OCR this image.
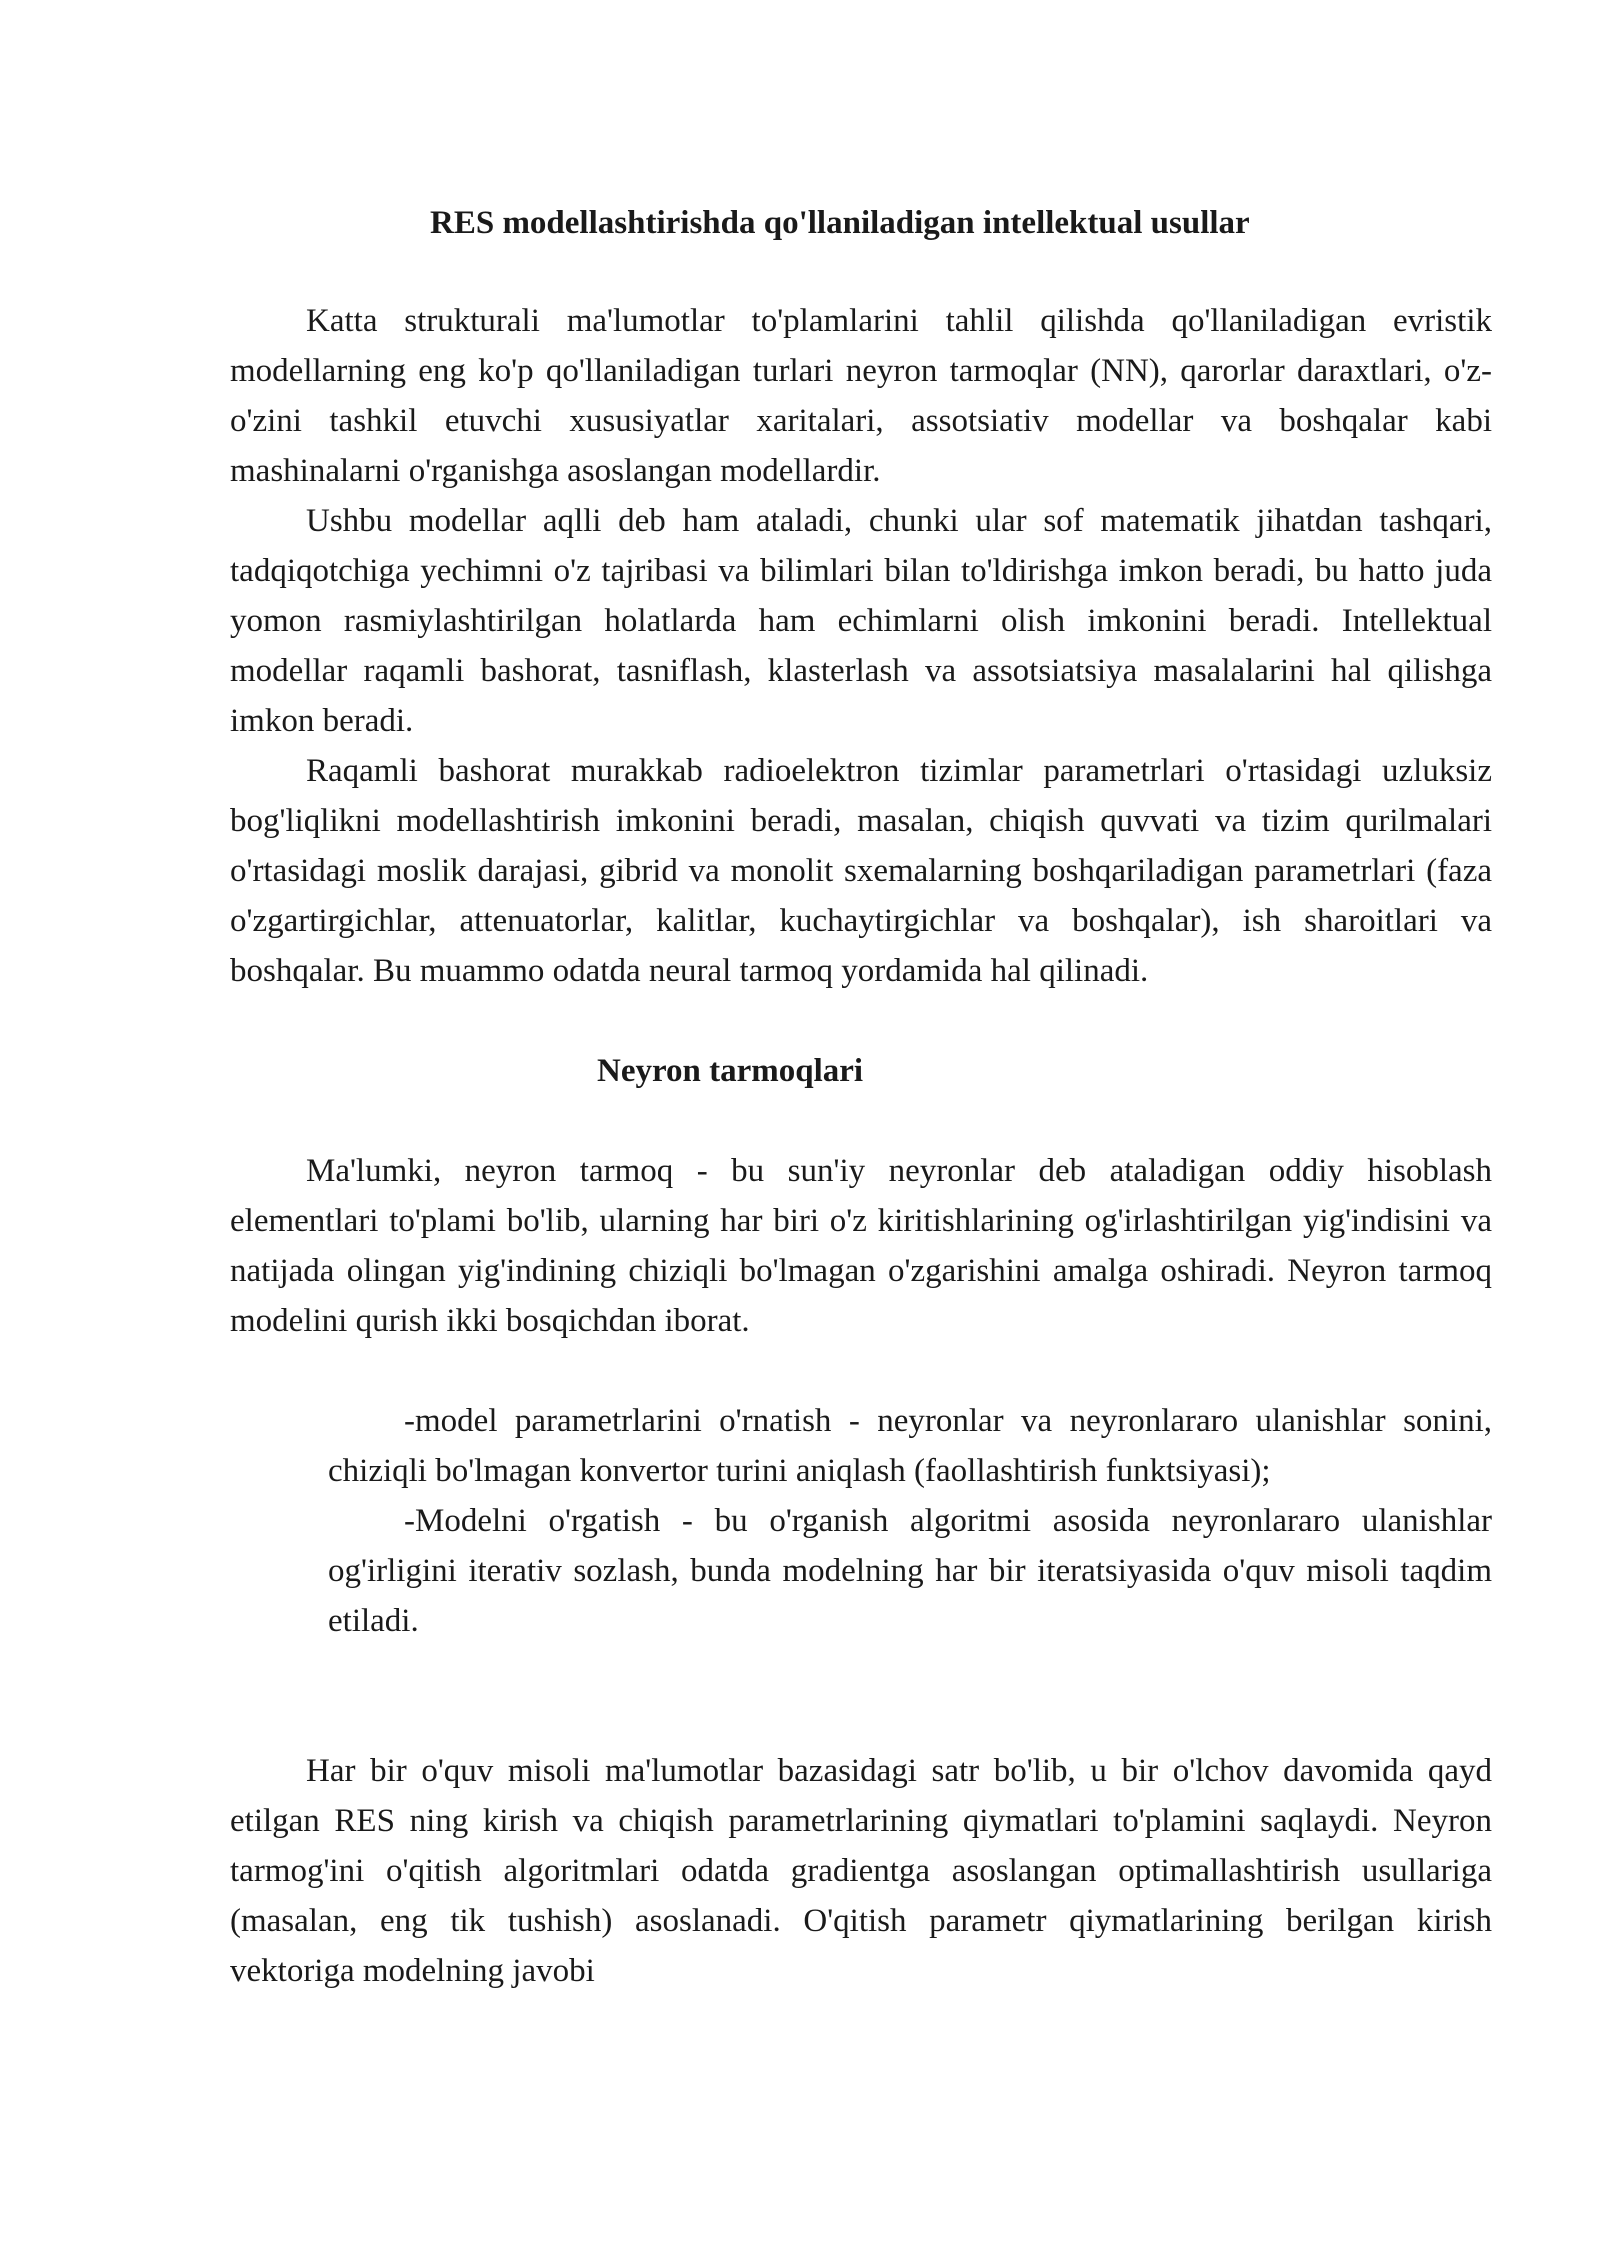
RES modellashtirishda qo'llaniladigan intellektual usullar

Katta strukturali ma'lumotlar to'plamlarini tahlil qilishda qo'llaniladigan evristik modellarning eng ko'p qo'llaniladigan turlari neyron tarmoqlar (NN), qarorlar daraxtlari, o'z-o'zini tashkil etuvchi xususiyatlar xaritalari, assotsiativ modellar va boshqalar kabi mashinalarni o'rganishga asoslangan modellardir.

Ushbu modellar aqlli deb ham ataladi, chunki ular sof matematik jihatdan tashqari, tadqiqotchiga yechimni o'z tajribasi va bilimlari bilan to'ldirishga imkon beradi, bu hatto juda yomon rasmiylashtirilgan holatlarda ham echimlarni olish imkonini beradi. Intellektual modellar raqamli bashorat, tasniflash, klasterlash va assotsiatsiya masalalarini hal qilishga imkon beradi.

Raqamli bashorat murakkab radioelektron tizimlar parametrlari o'rtasidagi uzluksiz bog'liqlikni modellashtirish imkonini beradi, masalan, chiqish quvvati va tizim qurilmalari o'rtasidagi moslik darajasi, gibrid va monolit sxemalarning boshqariladigan parametrlari (faza o'zgartirgichlar, attenuatorlar, kalitlar, kuchaytirgichlar va boshqalar), ish sharoitlari va boshqalar. Bu muammo odatda neural tarmoq yordamida hal qilinadi.

Neyron tarmoqlari

Ma'lumki, neyron tarmoq - bu sun'iy neyronlar deb ataladigan oddiy hisoblash elementlari to'plami bo'lib, ularning har biri o'z kiritishlarining og'irlashtirilgan yig'indisini va natijada olingan yig'indining chiziqli bo'lmagan o'zgarishini amalga oshiradi. Neyron tarmoq modelini qurish ikki bosqichdan iborat.

-model parametrlarini o'rnatish - neyronlar va neyronlararo ulanishlar sonini, chiziqli bo'lmagan konvertor turini aniqlash (faollashtirish funktsiyasi);
-Modelni o'rgatish - bu o'rganish algoritmi asosida neyronlararo ulanishlar og'irligini iterativ sozlash, bunda modelning har bir iteratsiyasida o'quv misoli taqdim etiladi.

Har bir o'quv misoli ma'lumotlar bazasidagi satr bo'lib, u bir o'lchov davomida qayd etilgan RES ning kirish va chiqish parametrlarining qiymatlari to'plamini saqlaydi. Neyron tarmog'ini o'qitish algoritmlari odatda gradientga asoslangan optimallashtirish usullariga (masalan, eng tik tushish) asoslanadi. O'qitish parametr qiymatlarining berilgan kirish vektoriga modelning javobi
